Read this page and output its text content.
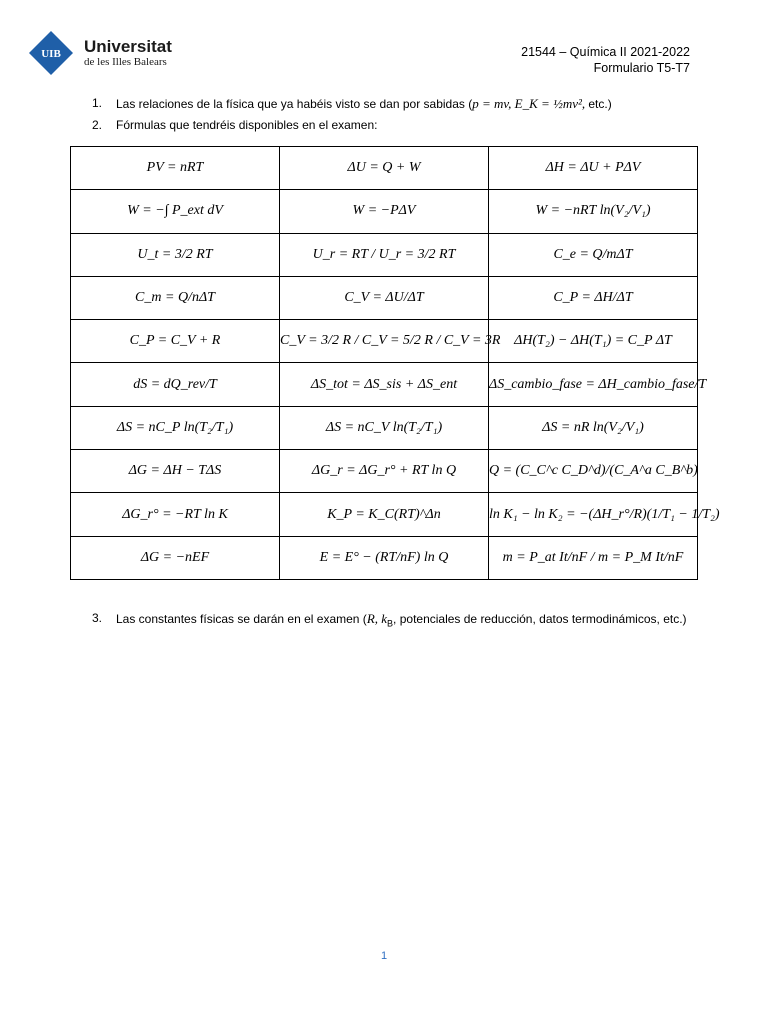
UIB Universitat
de les Illes Balears
21544 – Química II 2021-2022
Formulario T5-T7
1. Las relaciones de la física que ya habéis visto se dan por sabidas (p = mv, E_K = ½mv², etc.)
2. Fórmulas que tendréis disponibles en el examen:
PV = nRT	ΔU = Q + W	ΔH = ΔU + PΔV
W = −∫ P_ext dV	W = −PΔV	W = −nRT ln(V₂/V₁)
U_t = 3/2 RT	U_r = RT / U_r = 3/2 RT	C_e = Q/mΔT
C_m = Q/nΔT	C_V = ΔU/ΔT	C_P = ΔH/ΔT
C_P = C_V + R	C_V = 3/2 R / C_V = 5/2 R / C_V = 3R	ΔH(T₂) − ΔH(T₁) = C_P ΔT
dS = dQ_rev/T	ΔS_tot = ΔS_sis + ΔS_ent	ΔS_cambio_fase = ΔH_cambio_fase/T
ΔS = nC_P ln(T₂/T₁)	ΔS = nC_V ln(T₂/T₁)	ΔS = nR ln(V₂/V₁)
ΔG = ΔH − TΔS	ΔG_r = ΔG_r° + RT ln Q	Q = (C_C^c C_D^d)/(C_A^a C_B^b)
ΔG_r° = −RT ln K	K_P = K_C(RT)^Δn	ln K₁ − ln K₂ = −(ΔH_r°/R)(1/T₁ − 1/T₂)
ΔG = −nEF	E = E° − (RT/nF) ln Q	m = P_at It/nF / m = P_M It/nF
3. Las constantes físicas se darán en el examen (R, $k_B$, potenciales de reducción, datos termodinámicos, etc.)
1
